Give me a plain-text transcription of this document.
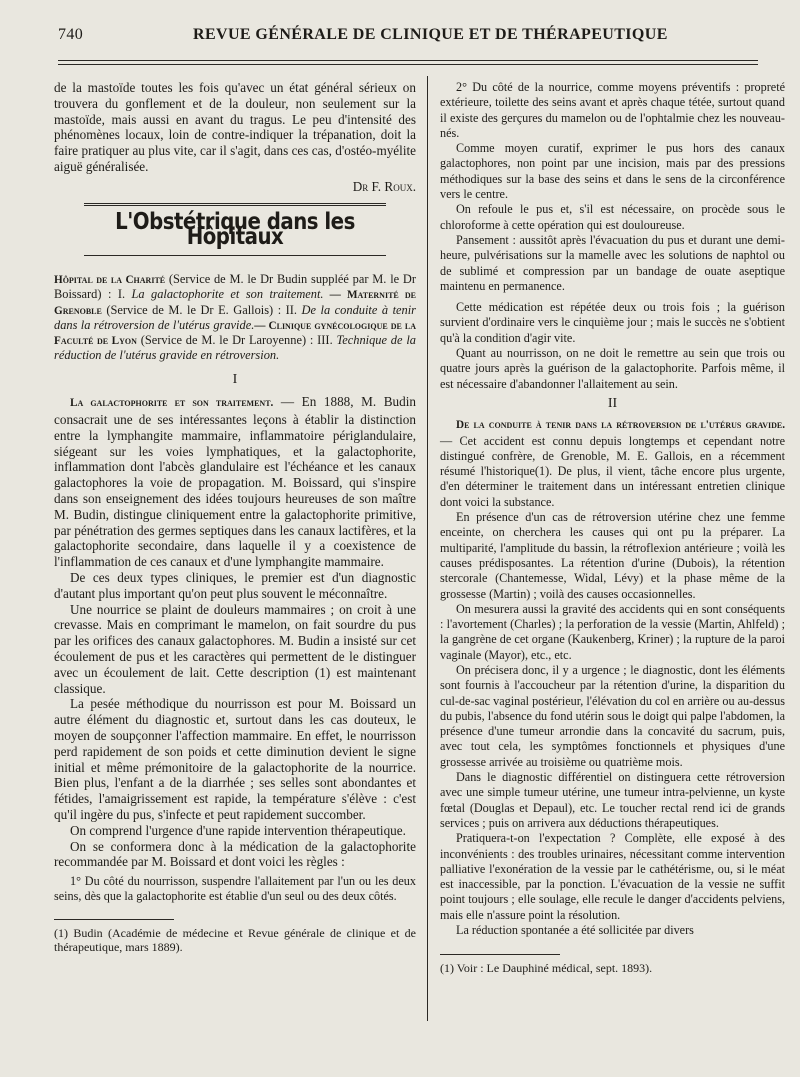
740	REVUE GÉNÉRALE DE CLINIQUE ET DE THÉRAPEUTIQUE

de la mastoïde toutes les fois qu'avec un état général sérieux on trouvera du gonflement et de la douleur, non seulement sur la mastoïde, mais aussi en avant du tragus. Le peu d'intensité des phénomènes locaux, loin de contre-indiquer la trépanation, doit la faire pratiquer au plus vite, car il s'agit, dans ces cas, d'ostéo-myélite aiguë généralisée.

Dr F. Roux.
L'Obstétrique dans les Hôpitaux

Hôpital de la Charité (Service de M. le Dr Budin suppléé par M. le Dr Boissard) : I. La galactophorite et son traitement. — Maternité de Grenoble (Service de M. le Dr E. Gallois) : II. De la conduite à tenir dans la rétroversion de l'utérus gravide.— Clinique gynécologique de la Faculté de Lyon (Service de M. le Dr Laroyenne) : III. Technique de la réduction de l'utérus gravide en rétroversion.

I

La galactophorite et son traitement. — En 1888, M. Budin consacrait une de ses intéressantes leçons à établir la distinction entre la lymphangite mammaire, inflammatoire périglandulaire, siégeant sur les voies lymphatiques, et la galactophorite, inflammation dont l'abcès glandulaire est l'échéance et les canaux galactophores la voie de propagation. M. Boissard, qui s'inspire dans son enseignement des idées toujours heureuses de son maître M. Budin, distingue cliniquement entre la galactophorite primitive, par pénétration des germes septiques dans les canaux lactifères, et la galactophorite secondaire, dans laquelle il y a coexistence de l'inflammation de ces canaux et d'une lymphangite mammaire.

De ces deux types cliniques, le premier est d'un diagnostic d'autant plus important qu'on peut plus souvent le méconnaître.

Une nourrice se plaint de douleurs mammaires ; on croit à une crevasse. Mais en comprimant le mamelon, on fait sourdre du pus par les orifices des canaux galactophores. M. Budin a insisté sur cet écoulement de pus et les caractères qui permettent de le distinguer avec un écoulement de lait. Cette description (1) est maintenant classique.

La pesée méthodique du nourrisson est pour M. Boissard un autre élément du diagnostic et, surtout dans les cas douteux, le moyen de soupçonner l'affection mammaire. En effet, le nourrisson perd rapidement de son poids et cette diminution devient le signe initial et même prémonitoire de la galactophorite de la nourrice. Bien plus, l'enfant a de la diarrhée ; ses selles sont abondantes et fétides, l'amaigrissement est rapide, la température s'élève : c'est qu'il ingère du pus, s'infecte et peut rapidement succomber.

On comprend l'urgence d'une rapide intervention thérapeutique.

On se conformera donc à la médication de la galactophorite recommandée par M. Boissard et dont voici les règles :

1° Du côté du nourrisson, suspendre l'allaitement par l'un ou les deux seins, dès que la galactophorite est établie d'un seul ou des deux côtés.

(1) Budin (Académie de médecine et Revue générale de clinique et de thérapeutique, mars 1889).

2° Du côté de la nourrice, comme moyens préventifs : propreté extérieure, toilette des seins avant et après chaque tétée, surtout quand il existe des gerçures du mamelon ou de l'ophtalmie chez les nouveau-nés.

Comme moyen curatif, exprimer le pus hors des canaux galactophores, non point par une incision, mais par des pressions méthodiques sur la base des seins et dans le sens de la circonférence vers le centre.

On refoule le pus et, s'il est nécessaire, on procède sous le chloroforme à cette opération qui est douloureuse.

Pansement : aussitôt après l'évacuation du pus et durant une demi-heure, pulvérisations sur la mamelle avec les solutions de naphtol ou de sublimé et compression par un bandage de ouate aseptique maintenu en permanence.

Cette médication est répétée deux ou trois fois ; la guérison survient d'ordinaire vers le cinquième jour ; mais le succès ne s'obtient qu'à la condition d'agir vite.

Quant au nourrisson, on ne doit le remettre au sein que trois ou quatre jours après la guérison de la galactophorite. Parfois même, il est nécessaire d'abandonner l'allaitement au sein.

II

De la conduite à tenir dans la rétroversion de l'utérus gravide. — Cet accident est connu depuis longtemps et cependant notre distingué confrère, de Grenoble, M. E. Gallois, en a récemment résumé l'historique(1). De plus, il vient, tâche encore plus urgente, d'en déterminer le traitement dans un intéressant entretien clinique dont voici la substance.

En présence d'un cas de rétroversion utérine chez une femme enceinte, on cherchera les causes qui ont pu la préparer. La multiparité, l'amplitude du bassin, la rétroflexion antérieure ; voilà les causes prédisposantes. La rétention d'urine (Dubois), la rétention stercorale (Chantemesse, Widal, Lévy) et la phase même de la grossesse (Martin) ; voilà des causes occasionnelles.

On mesurera aussi la gravité des accidents qui en sont conséquents : l'avortement (Charles) ; la perforation de la vessie (Martin, Ahlfeld) ; la gangrène de cet organe (Kaukenberg, Kriner) ; la rupture de la paroi vaginale (Mayor), etc., etc.

On précisera donc, il y a urgence ; le diagnostic, dont les éléments sont fournis à l'accoucheur par la rétention d'urine, la disparition du cul-de-sac vaginal postérieur, l'élévation du col en arrière ou au-dessus du pubis, l'absence du fond utérin sous le doigt qui palpe l'abdomen, la présence d'une tumeur arrondie dans la concavité du sacrum, puis, avec tout cela, les symptômes fonctionnels et physiques d'une grossesse arrivée au troisième ou quatrième mois.

Dans le diagnostic différentiel on distinguera cette rétroversion avec une simple tumeur utérine, une tumeur intra-pelvienne, un kyste fœtal (Douglas et Depaul), etc. Le toucher rectal rend ici de grands services ; puis on arrivera aux déductions thérapeutiques.

Pratiquera-t-on l'expectation ? Complète, elle exposé à des inconvénients : des troubles urinaires, nécessitant comme intervention palliative l'exonération de la vessie par le cathétérisme, ou, si le méat est inaccessible, par la ponction. L'évacuation de la vessie ne suffit point toujours ; elle soulage, elle recule le danger d'accidents pelviens, mais elle n'assure point la résolution.

La réduction spontanée a été sollicitée par divers

(1) Voir : Le Dauphiné médical, sept. 1893).
